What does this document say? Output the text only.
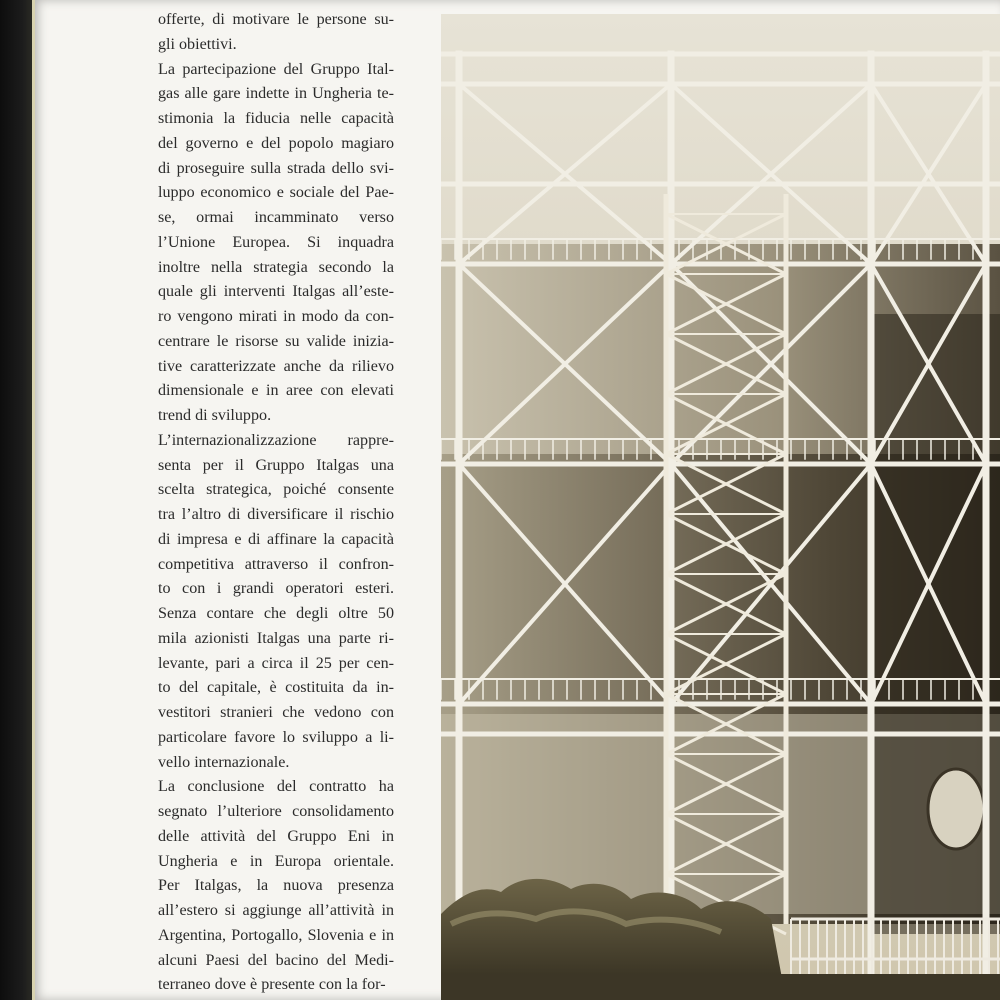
offerte, di motivare le persone su-
gli obiettivi.

La partecipazione del Gruppo Ital-
gas alle gare indette in Ungheria te-
stimonia la fiducia nelle capacità
del governo e del popolo magiaro
di proseguire sulla strada dello svi-
luppo economico e sociale del Pae-
se, ormai incamminato verso
l’Unione Europea. Si inquadra
inoltre nella strategia secondo la
quale gli interventi Italgas all’este-
ro vengono mirati in modo da con-
centrare le risorse su valide inizia-
tive caratterizzate anche da rilievo
dimensionale e in aree con elevati
trend di sviluppo.

L’internazionalizzazione rappre-
senta per il Gruppo Italgas una
scelta strategica, poiché consente
tra l’altro di diversificare il rischio
di impresa e di affinare la capacità
competitiva attraverso il confron-
to con i grandi operatori esteri.
Senza contare che degli oltre 50
mila azionisti Italgas una parte ri-
levante, pari a circa il 25 per cen-
to del capitale, è costituita da in-
vestitori stranieri che vedono con
particolare favore lo sviluppo a li-
vello internazionale.

La conclusione del contratto ha
segnato l’ulteriore consolidamento
delle attività del Gruppo Eni in
Ungheria e in Europa orientale.
Per Italgas, la nuova presenza
all’estero si aggiunge all’attività in
Argentina, Portogallo, Slovenia e in
alcuni Paesi del bacino del Medi-
terraneo dove è presente con la for-
